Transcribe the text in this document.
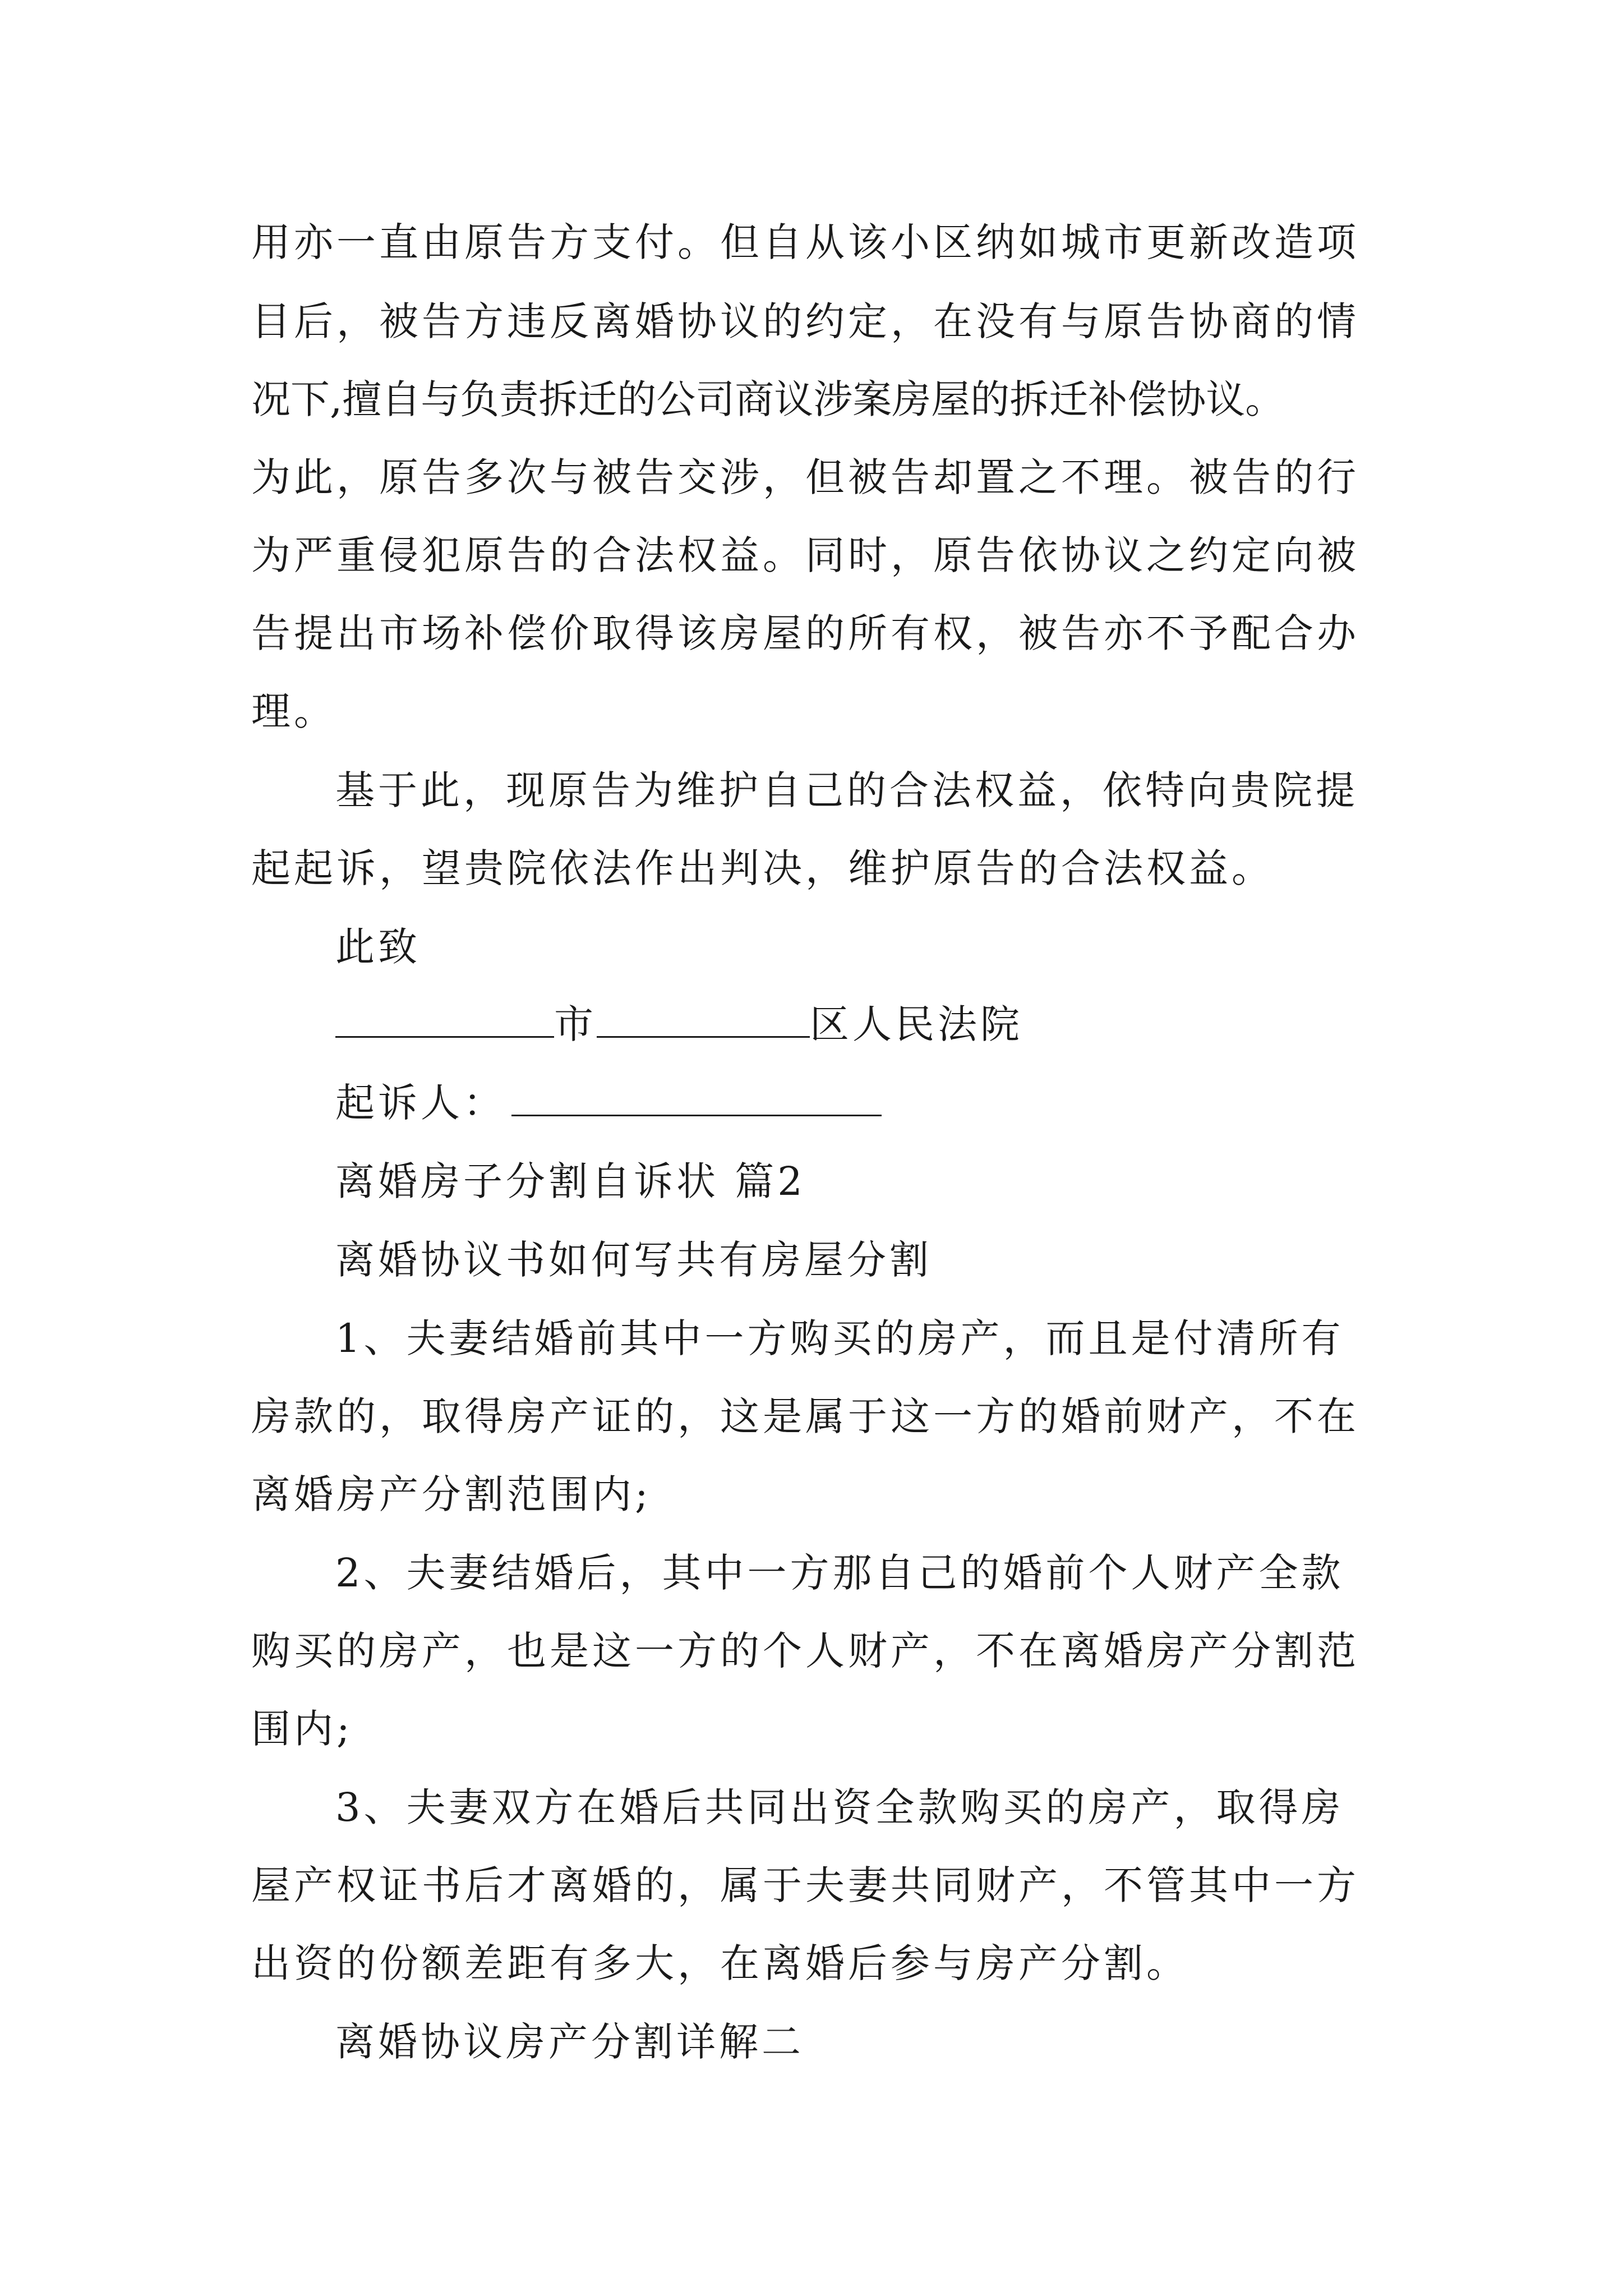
用亦一直由原告方支付。但自从该小区纳如城市更新改造项
目后，被告方违反离婚协议的约定，在没有与原告协商的情
况下,擅自与负责拆迁的公司商议涉案房屋的拆迁补偿协议。
为此，原告多次与被告交涉，但被告却置之不理。被告的行
为严重侵犯原告的合法权益。同时，原告依协议之约定向被
告提出市场补偿价取得该房屋的所有权，被告亦不予配合办
理。
基于此，现原告为维护自己的合法权益，依特向贵院提
起起诉，望贵院依法作出判决，维护原告的合法权益。
此致
市	区人民法院
起诉人：
离婚房子分割自诉状 篇2
离婚协议书如何写共有房屋分割
1、夫妻结婚前其中一方购买的房产，而且是付清所有
房款的，取得房产证的，这是属于这一方的婚前财产，不在
离婚房产分割范围内;
2、夫妻结婚后，其中一方那自己的婚前个人财产全款
购买的房产，也是这一方的个人财产，不在离婚房产分割范
围内;
3、夫妻双方在婚后共同出资全款购买的房产，取得房
屋产权证书后才离婚的，属于夫妻共同财产，不管其中一方
出资的份额差距有多大，在离婚后参与房产分割。
离婚协议房产分割详解二
